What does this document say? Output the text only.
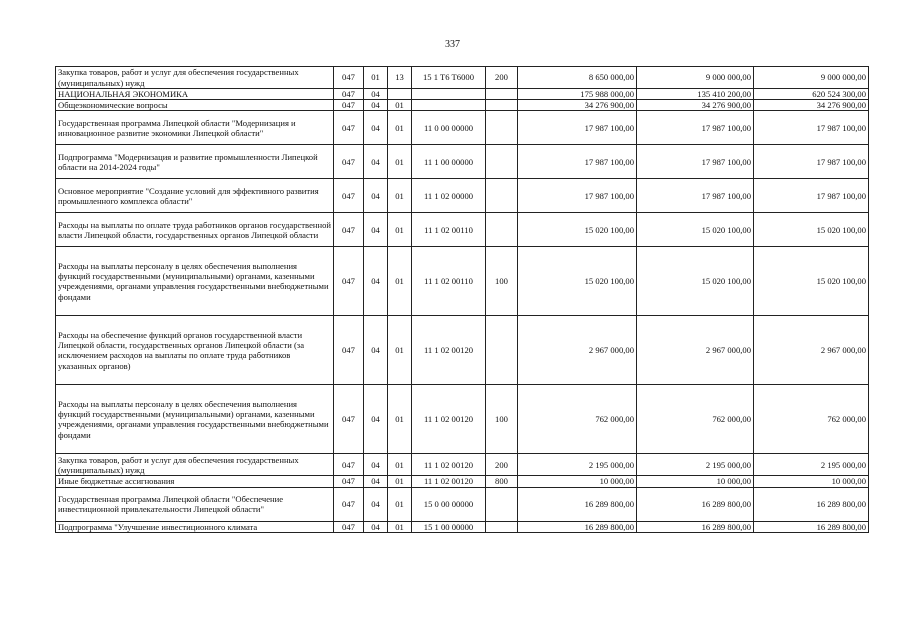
337
Закупка товаров, работ и услуг для обеспечения государственных (муниципальных) нужд	047	01	13	15 1 T6 T6000	200	8 650 000,00	9 000 000,00	9 000 000,00
НАЦИОНАЛЬНАЯ ЭКОНОМИКА	047	04				175 988 000,00	135 410 200,00	620 524 300,00
Общеэкономические вопросы	047	04	01			34 276 900,00	34 276 900,00	34 276 900,00
Государственная программа Липецкой области "Модернизация и инновационное развитие экономики Липецкой области"	047	04	01	11 0 00 00000		17 987 100,00	17 987 100,00	17 987 100,00
Подпрограмма "Модернизация и развитие промышленности Липецкой области на 2014-2024 годы"	047	04	01	11 1 00 00000		17 987 100,00	17 987 100,00	17 987 100,00
Основное мероприятие "Создание условий для эффективного развития промышленного комплекса области"	047	04	01	11 1 02 00000		17 987 100,00	17 987 100,00	17 987 100,00
Расходы на выплаты по оплате труда работников органов государственной власти Липецкой области, государственных органов Липецкой области	047	04	01	11 1 02 00110		15 020 100,00	15 020 100,00	15 020 100,00
Расходы на выплаты персоналу в целях обеспечения выполнения функций государственными (муниципальными) органами, казенными учреждениями, органами управления государственными внебюджетными фондами	047	04	01	11 1 02 00110	100	15 020 100,00	15 020 100,00	15 020 100,00
Расходы на обеспечение функций органов государственной власти Липецкой области, государственных органов Липецкой области (за исключением расходов на выплаты по оплате труда работников указанных органов)	047	04	01	11 1 02 00120		2 967 000,00	2 967 000,00	2 967 000,00
Расходы на выплаты персоналу в целях обеспечения выполнения функций государственными (муниципальными) органами, казенными учреждениями, органами управления государственными внебюджетными фондами	047	04	01	11 1 02 00120	100	762 000,00	762 000,00	762 000,00
Закупка товаров, работ и услуг для обеспечения государственных (муниципальных) нужд	047	04	01	11 1 02 00120	200	2 195 000,00	2 195 000,00	2 195 000,00
Иные бюджетные ассигнования	047	04	01	11 1 02 00120	800	10 000,00	10 000,00	10 000,00
Государственная программа Липецкой области "Обеспечение инвестиционной привлекательности Липецкой области"	047	04	01	15 0 00 00000		16 289 800,00	16 289 800,00	16 289 800,00
Подпрограмма "Улучшение инвестиционного климата	047	04	01	15 1 00 00000		16 289 800,00	16 289 800,00	16 289 800,00
